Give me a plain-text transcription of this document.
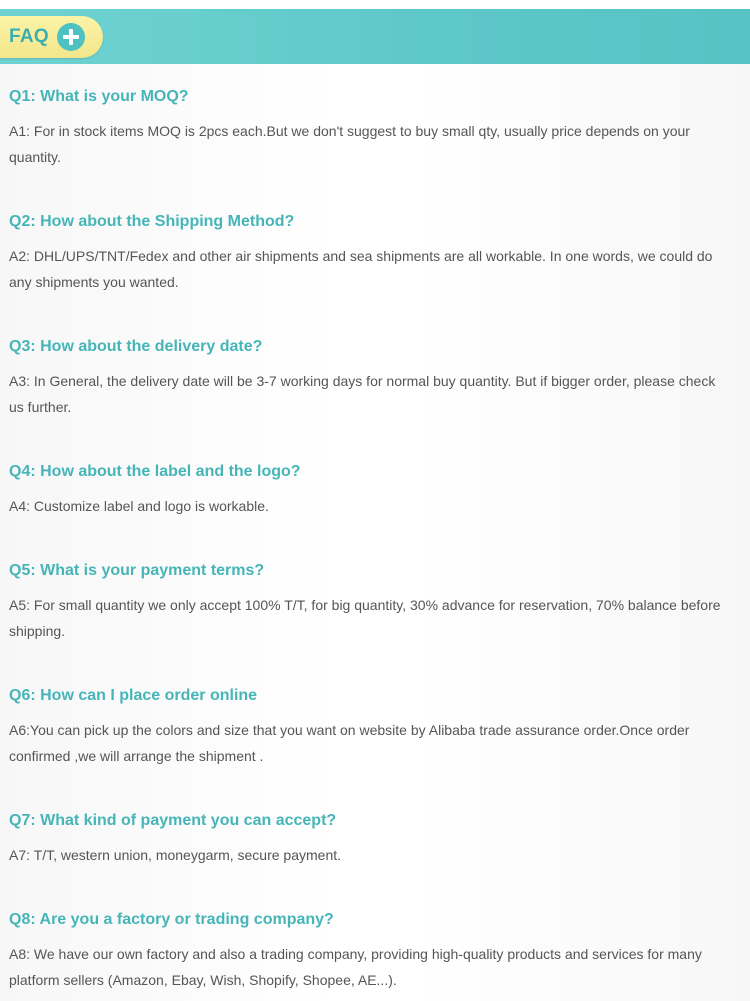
FAQ
Q1: What is your MOQ?

A1: For in stock items MOQ is 2pcs each.But we don't suggest to buy small qty, usually price depends on your quantity.

Q2: How about the Shipping Method?

A2: DHL/UPS/TNT/Fedex and other air shipments and sea shipments are all workable. In one words, we could do any shipments you wanted.

Q3: How about the delivery date?

A3: In General, the delivery date will be 3-7 working days for normal buy quantity. But if bigger order, please check us further.

Q4: How about the label and the logo?

A4: Customize label and logo is workable.

Q5: What is your payment terms?

A5: For small quantity we only accept 100% T/T, for big quantity, 30% advance for reservation, 70% balance before shipping.

Q6: How can I place order online

A6:You can pick up the colors and size that you want on website by Alibaba trade assurance order.Once order confirmed ,we will arrange the shipment .

Q7: What kind of payment you can accept?

A7: T/T, western union, moneygarm, secure payment.

Q8: Are you a factory or trading company?

A8: We have our own factory and also a trading company, providing high-quality products and services for many platform sellers (Amazon, Ebay, Wish, Shopify, Shopee, AE...).
